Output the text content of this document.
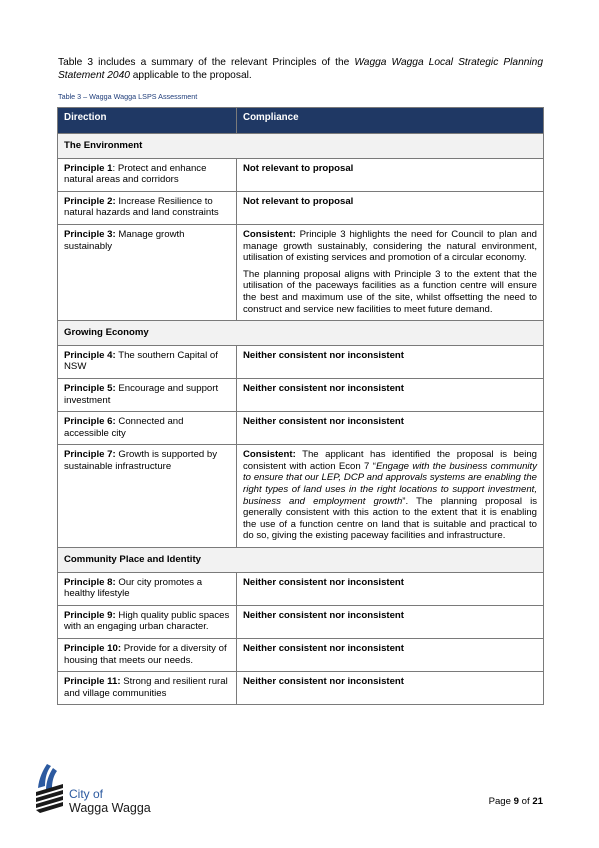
Table 3 includes a summary of the relevant Principles of the Wagga Wagga Local Strategic Planning Statement 2040 applicable to the proposal.

Table 3 – Wagga Wagga LSPS Assessment

Direction	Compliance
The Environment	
Principle 1: Protect and enhance natural areas and corridors	Not relevant to proposal
Principle 2: Increase Resilience to natural hazards and land constraints	Not relevant to proposal
Principle 3: Manage growth sustainably	Consistent: Principle 3 highlights the need for Council to plan and manage growth sustainably, considering the natural environment, utilisation of existing services and promotion of a circular economy.

The planning proposal aligns with Principle 3 to the extent that the utilisation of the paceways facilities as a function centre will ensure the best and maximum use of the site, whilst offsetting the need to construct and service new facilities to meet future demand.

Growing Economy	
Principle 4: The southern Capital of NSW	Neither consistent nor inconsistent
Principle 5: Encourage and support investment	Neither consistent nor inconsistent
Principle 6: Connected and accessible city	Neither consistent nor inconsistent
Principle 7: Growth is supported by sustainable infrastructure	Consistent: The applicant has identified the proposal is being consistent with action Econ 7 “Engage with the business community to ensure that our LEP, DCP and approvals systems are enabling the right types of land uses in the right locations to support investment, business and employment growth”. The planning proposal is generally consistent with this action to the extent that it is enabling the use of a function centre on land that is suitable and practical to do so, giving the existing paceway facilities and infrastructure.

Community Place and Identity	
Principle 8: Our city promotes a healthy lifestyle	Neither consistent nor inconsistent
Principle 9: High quality public spaces with an engaging urban character.	Neither consistent nor inconsistent
Principle 10: Provide for a diversity of housing that meets our needs.	Neither consistent nor inconsistent
Principle 11: Strong and resilient rural and village communities	Neither consistent nor inconsistent
City of
Wagga Wagga	Page 9 of 21
